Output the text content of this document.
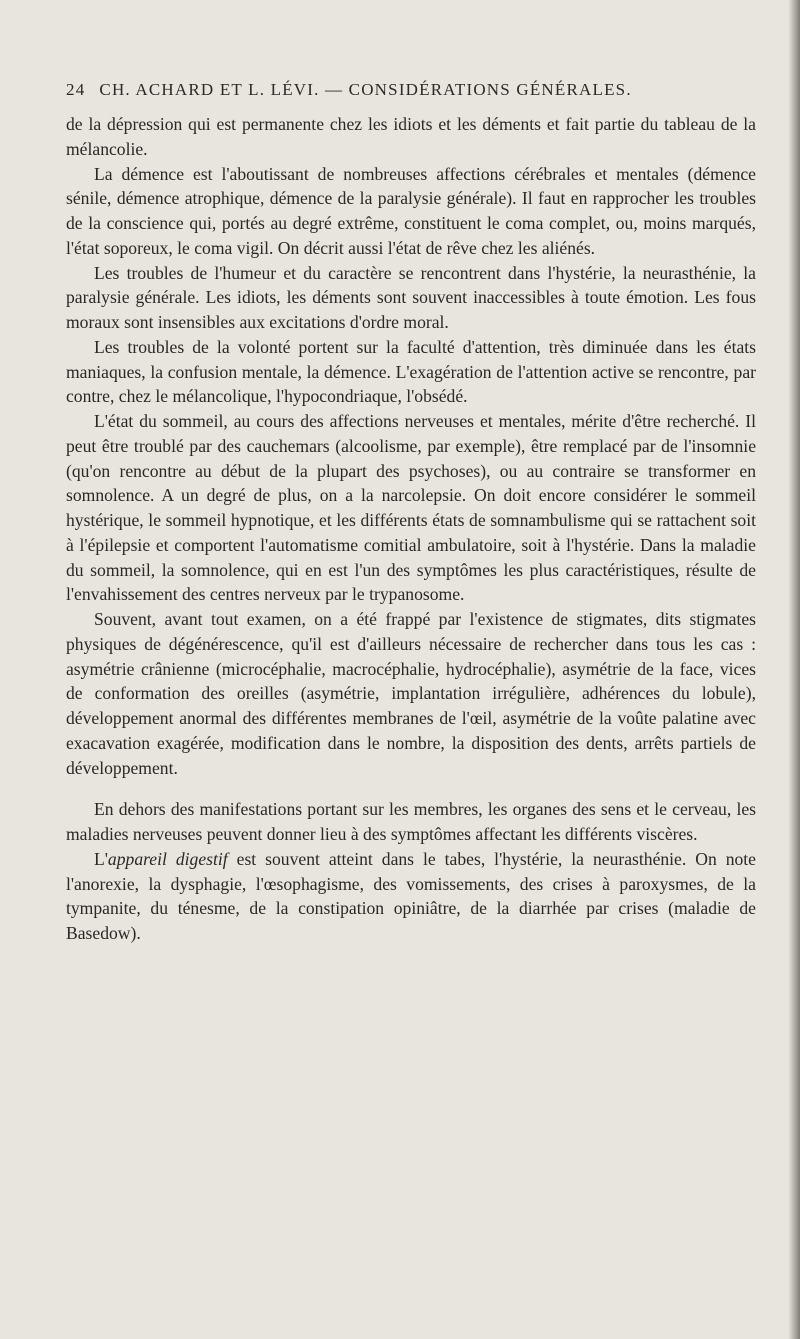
24 CH. ACHARD ET L. LÉVI. — CONSIDÉRATIONS GÉNÉRALES.

de la dépression qui est permanente chez les idiots et les déments et fait partie du tableau de la mélancolie.

La démence est l'aboutissant de nombreuses affections cérébrales et mentales (démence sénile, démence atrophique, démence de la paralysie générale). Il faut en rapprocher les troubles de la conscience qui, portés au degré extrême, constituent le coma complet, ou, moins marqués, l'état soporeux, le coma vigil. On décrit aussi l'état de rêve chez les aliénés.

Les troubles de l'humeur et du caractère se rencontrent dans l'hystérie, la neurasthénie, la paralysie générale. Les idiots, les déments sont souvent inaccessibles à toute émotion. Les fous moraux sont insensibles aux excitations d'ordre moral.

Les troubles de la volonté portent sur la faculté d'attention, très diminuée dans les états maniaques, la confusion mentale, la démence. L'exagération de l'attention active se rencontre, par contre, chez le mélancolique, l'hypocondriaque, l'obsédé.

L'état du sommeil, au cours des affections nerveuses et mentales, mérite d'être recherché. Il peut être troublé par des cauchemars (alcoolisme, par exemple), être remplacé par de l'insomnie (qu'on rencontre au début de la plupart des psychoses), ou au contraire se transformer en somnolence. A un degré de plus, on a la narcolepsie. On doit encore considérer le sommeil hystérique, le sommeil hypnotique, et les différents états de somnambulisme qui se rattachent soit à l'épilepsie et comportent l'automatisme comitial ambulatoire, soit à l'hystérie. Dans la maladie du sommeil, la somnolence, qui en est l'un des symptômes les plus caractéristiques, résulte de l'envahissement des centres nerveux par le trypanosome.

Souvent, avant tout examen, on a été frappé par l'existence de stigmates, dits stigmates physiques de dégénérescence, qu'il est d'ailleurs nécessaire de rechercher dans tous les cas : asymétrie crânienne (microcéphalie, macrocéphalie, hydrocéphalie), asymétrie de la face, vices de conformation des oreilles (asymétrie, implantation irrégulière, adhérences du lobule), développement anormal des différentes membranes de l'œil, asymétrie de la voûte palatine avec exacavation exagérée, modification dans le nombre, la disposition des dents, arrêts partiels de développement.

En dehors des manifestations portant sur les membres, les organes des sens et le cerveau, les maladies nerveuses peuvent donner lieu à des symptômes affectant les différents viscères.

L'appareil digestif est souvent atteint dans le tabes, l'hystérie, la neurasthénie. On note l'anorexie, la dysphagie, l'œsophagisme, des vomissements, des crises à paroxysmes, de la tympanite, du ténesme, de la constipation opiniâtre, de la diarrhée par crises (maladie de Basedow).
